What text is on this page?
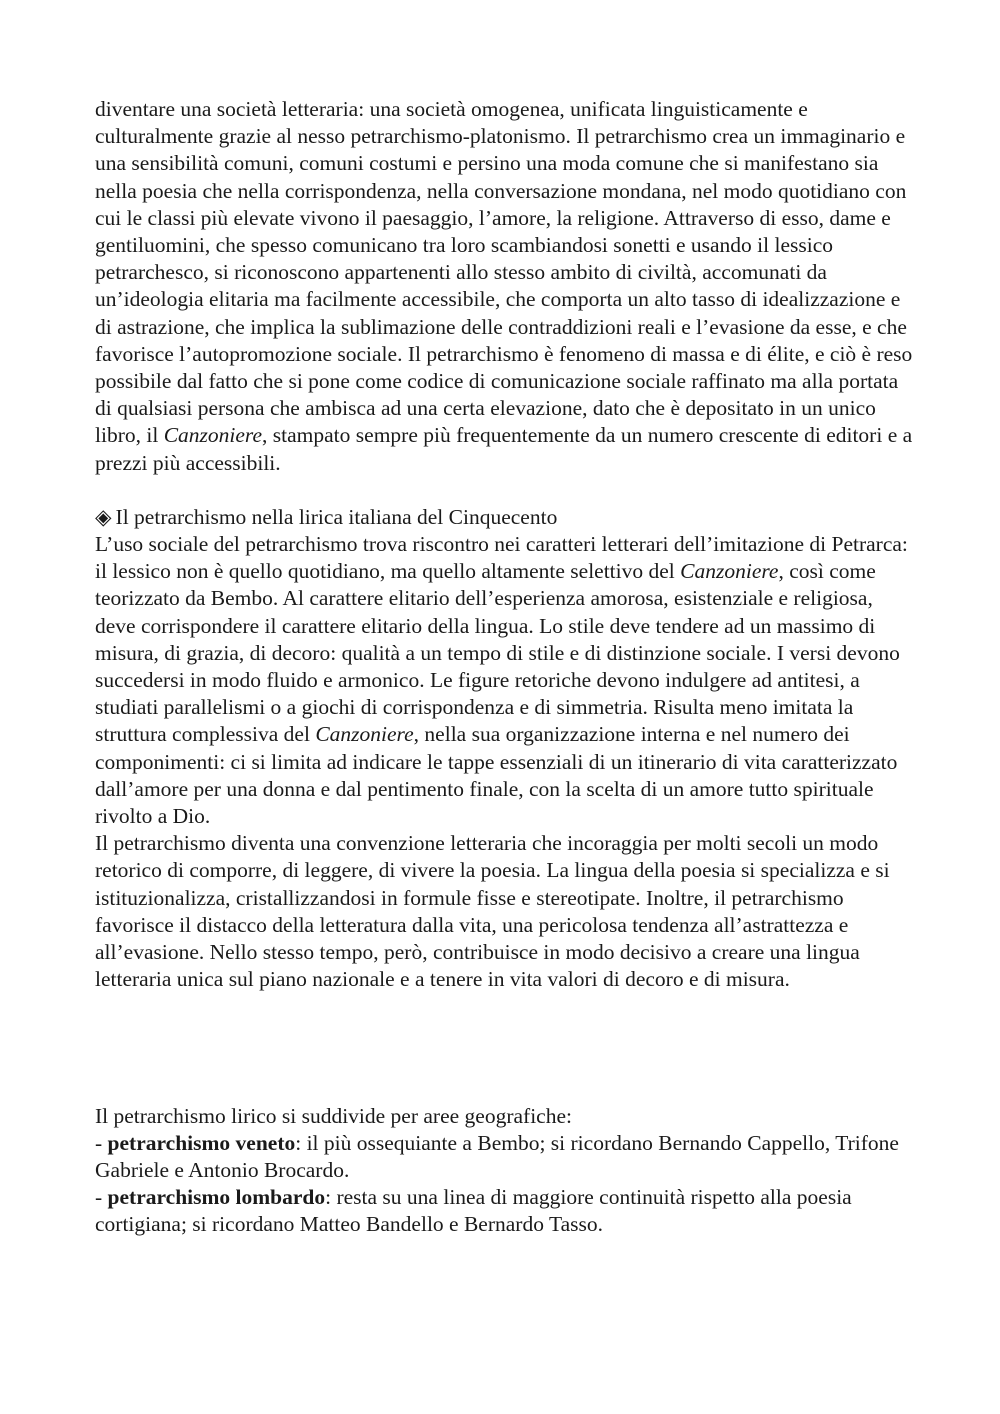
diventare una società letteraria: una società omogenea, unificata linguisticamente e culturalmente grazie al nesso petrarchismo-platonismo. Il petrarchismo crea un immaginario e una sensibilità comuni, comuni costumi e persino una moda comune che si manifestano sia nella poesia che nella corrispondenza, nella conversazione mondana, nel modo quotidiano con cui le classi più elevate vivono il paesaggio, l’amore, la religione. Attraverso di esso, dame e gentiluomini, che spesso comunicano tra loro scambiandosi sonetti e usando il lessico petrarchesco, si riconoscono appartenenti allo stesso ambito di civiltà, accomunati da un’ideologia elitaria ma facilmente accessibile, che comporta un alto tasso di idealizzazione e di astrazione, che implica la sublimazione delle contraddizioni reali e l’evasione da esse, e che favorisce l’autopromozione sociale. Il petrarchismo è fenomeno di massa e di élite, e ciò è reso possibile dal fatto che si pone come codice di comunicazione sociale raffinato ma alla portata di qualsiasi persona che ambisca ad una certa elevazione, dato che è depositato in un unico libro, il Canzoniere, stampato sempre più frequentemente da un numero crescente di editori e a prezzi più accessibili.

◈ Il petrarchismo nella lirica italiana del Cinquecento

L’uso sociale del petrarchismo trova riscontro nei caratteri letterari dell’imitazione di Petrarca: il lessico non è quello quotidiano, ma quello altamente selettivo del Canzoniere, così come teorizzato da Bembo. Al carattere elitario dell’esperienza amorosa, esistenziale e religiosa, deve corrispondere il carattere elitario della lingua. Lo stile deve tendere ad un massimo di misura, di grazia, di decoro: qualità a un tempo di stile e di distinzione sociale. I versi devono succedersi in modo fluido e armonico. Le figure retoriche devono indulgere ad antitesi, a studiati parallelismi o a giochi di corrispondenza e di simmetria. Risulta meno imitata la struttura complessiva del Canzoniere, nella sua organizzazione interna e nel numero dei componimenti: ci si limita ad indicare le tappe essenziali di un itinerario di vita caratterizzato dall’amore per una donna e dal pentimento finale, con la scelta di un amore tutto spirituale rivolto a Dio.

Il petrarchismo diventa una convenzione letteraria che incoraggia per molti secoli un modo retorico di comporre, di leggere, di vivere la poesia. La lingua della poesia si specializza e si istituzionalizza, cristallizzandosi in formule fisse e stereotipate. Inoltre, il petrarchismo favorisce il distacco della letteratura dalla vita, una pericolosa tendenza all’astrattezza e all’evasione. Nello stesso tempo, però, contribuisce in modo decisivo a creare una lingua letteraria unica sul piano nazionale e a tenere in vita valori di decoro e di misura.

Il petrarchismo lirico si suddivide per aree geografiche:

- petrarchismo veneto: il più ossequiante a Bembo; si ricordano Bernando Cappello, Trifone Gabriele e Antonio Brocardo.

- petrarchismo lombardo: resta su una linea di maggiore continuità rispetto alla poesia cortigiana; si ricordano Matteo Bandello e Bernardo Tasso.
